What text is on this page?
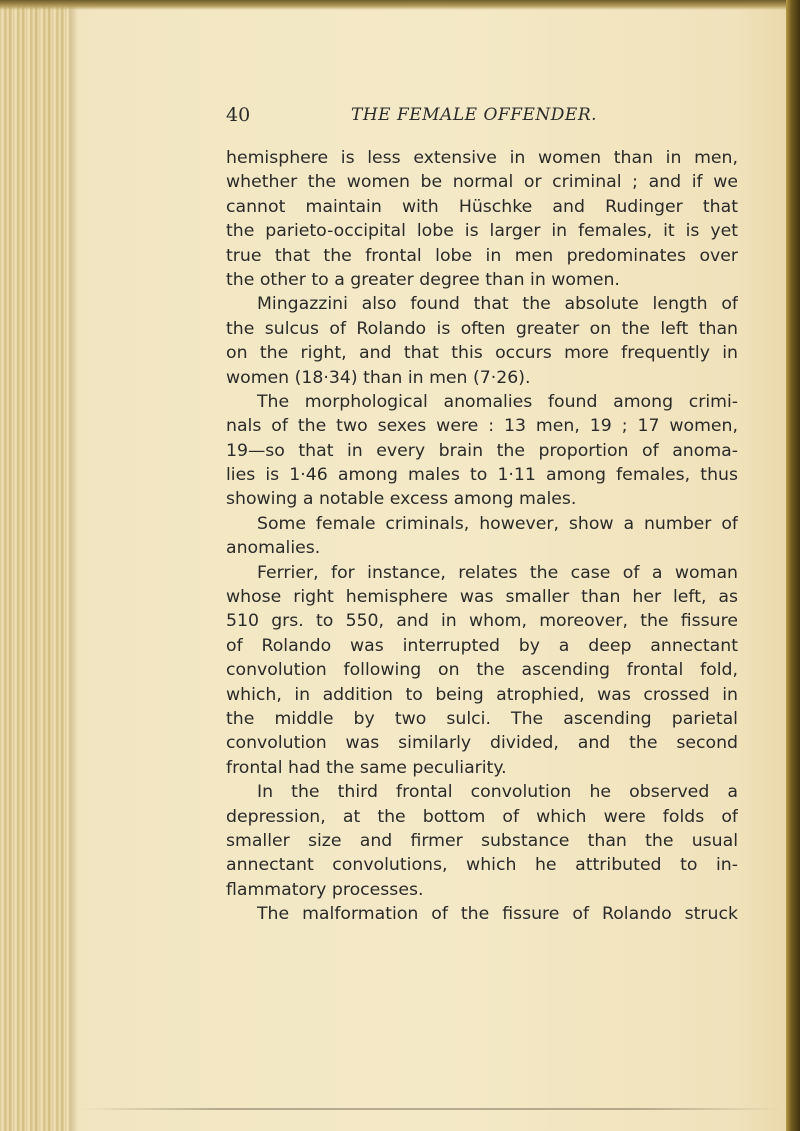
40	THE FEMALE OFFENDER.
hemisphere is less extensive in women than in men,
whether the women be normal or criminal ; and if we
cannot maintain with Hüschke and Rudinger that
the parieto-occipital lobe is larger in females, it is yet
true that the frontal lobe in men predominates over
the other to a greater degree than in women.
Mingazzini also found that the absolute length of
the sulcus of Rolando is often greater on the left than
on the right, and that this occurs more frequently in
women (18·34) than in men (7·26).
The morphological anomalies found among crimi-
nals of the two sexes were : 13 men, 19 ; 17 women,
19—so that in every brain the proportion of anoma-
lies is 1·46 among males to 1·11 among females, thus
showing a notable excess among males.
Some female criminals, however, show a number of
anomalies.
Ferrier, for instance, relates the case of a woman
whose right hemisphere was smaller than her left, as
510 grs. to 550, and in whom, moreover, the fissure
of Rolando was interrupted by a deep annectant
convolution following on the ascending frontal fold,
which, in addition to being atrophied, was crossed in
the middle by two sulci. The ascending parietal
convolution was similarly divided, and the second
frontal had the same peculiarity.
In the third frontal convolution he observed a
depression, at the bottom of which were folds of
smaller size and firmer substance than the usual
annectant convolutions, which he attributed to in-
flammatory processes.
The malformation of the fissure of Rolando struck
